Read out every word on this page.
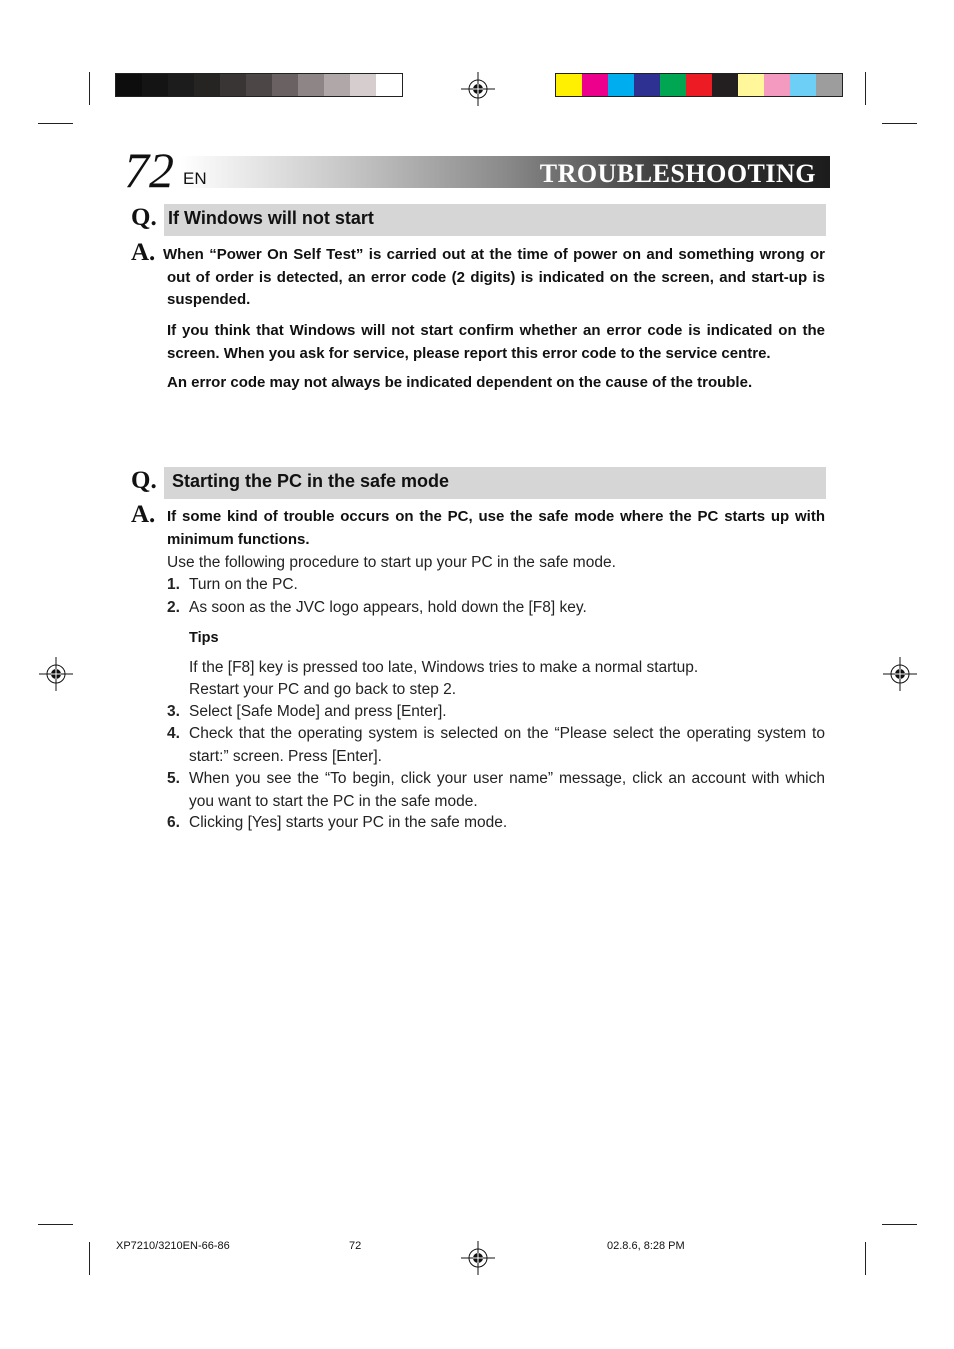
TROUBLESHOOTING
72 EN
Q. If Windows will not start
A. When “Power On Self Test” is carried out at the time of power on and something wrong or out of order is detected, an error code (2 digits) is indicated on the screen, and start-up is suspended.
If you think that Windows will not start confirm whether an error code is indicated on the screen. When you ask for service, please report this error code to the service centre.
An error code may not always be indicated dependent on the cause of the trouble.
Q. Starting the PC in the safe mode
A. If some kind of trouble occurs on the PC, use the safe mode where the PC starts up with minimum functions.
Use the following procedure to start up your PC in the safe mode.
1. Turn on the PC.
2. As soon as the JVC logo appears, hold down the [F8] key.
Tips
If the [F8] key is pressed too late, Windows tries to make a normal startup.
Restart your PC and go back to step 2.
3. Select [Safe Mode] and press [Enter].
4. Check that the operating system is selected on the “Please select the operating system to start:” screen. Press [Enter].
5. When you see the “To begin, click your user name” message, click an account with which you want to start the PC in the safe mode.
6. Clicking [Yes] starts your PC in the safe mode.
XP7210/3210EN-66-86	72	02.8.6, 8:28 PM
